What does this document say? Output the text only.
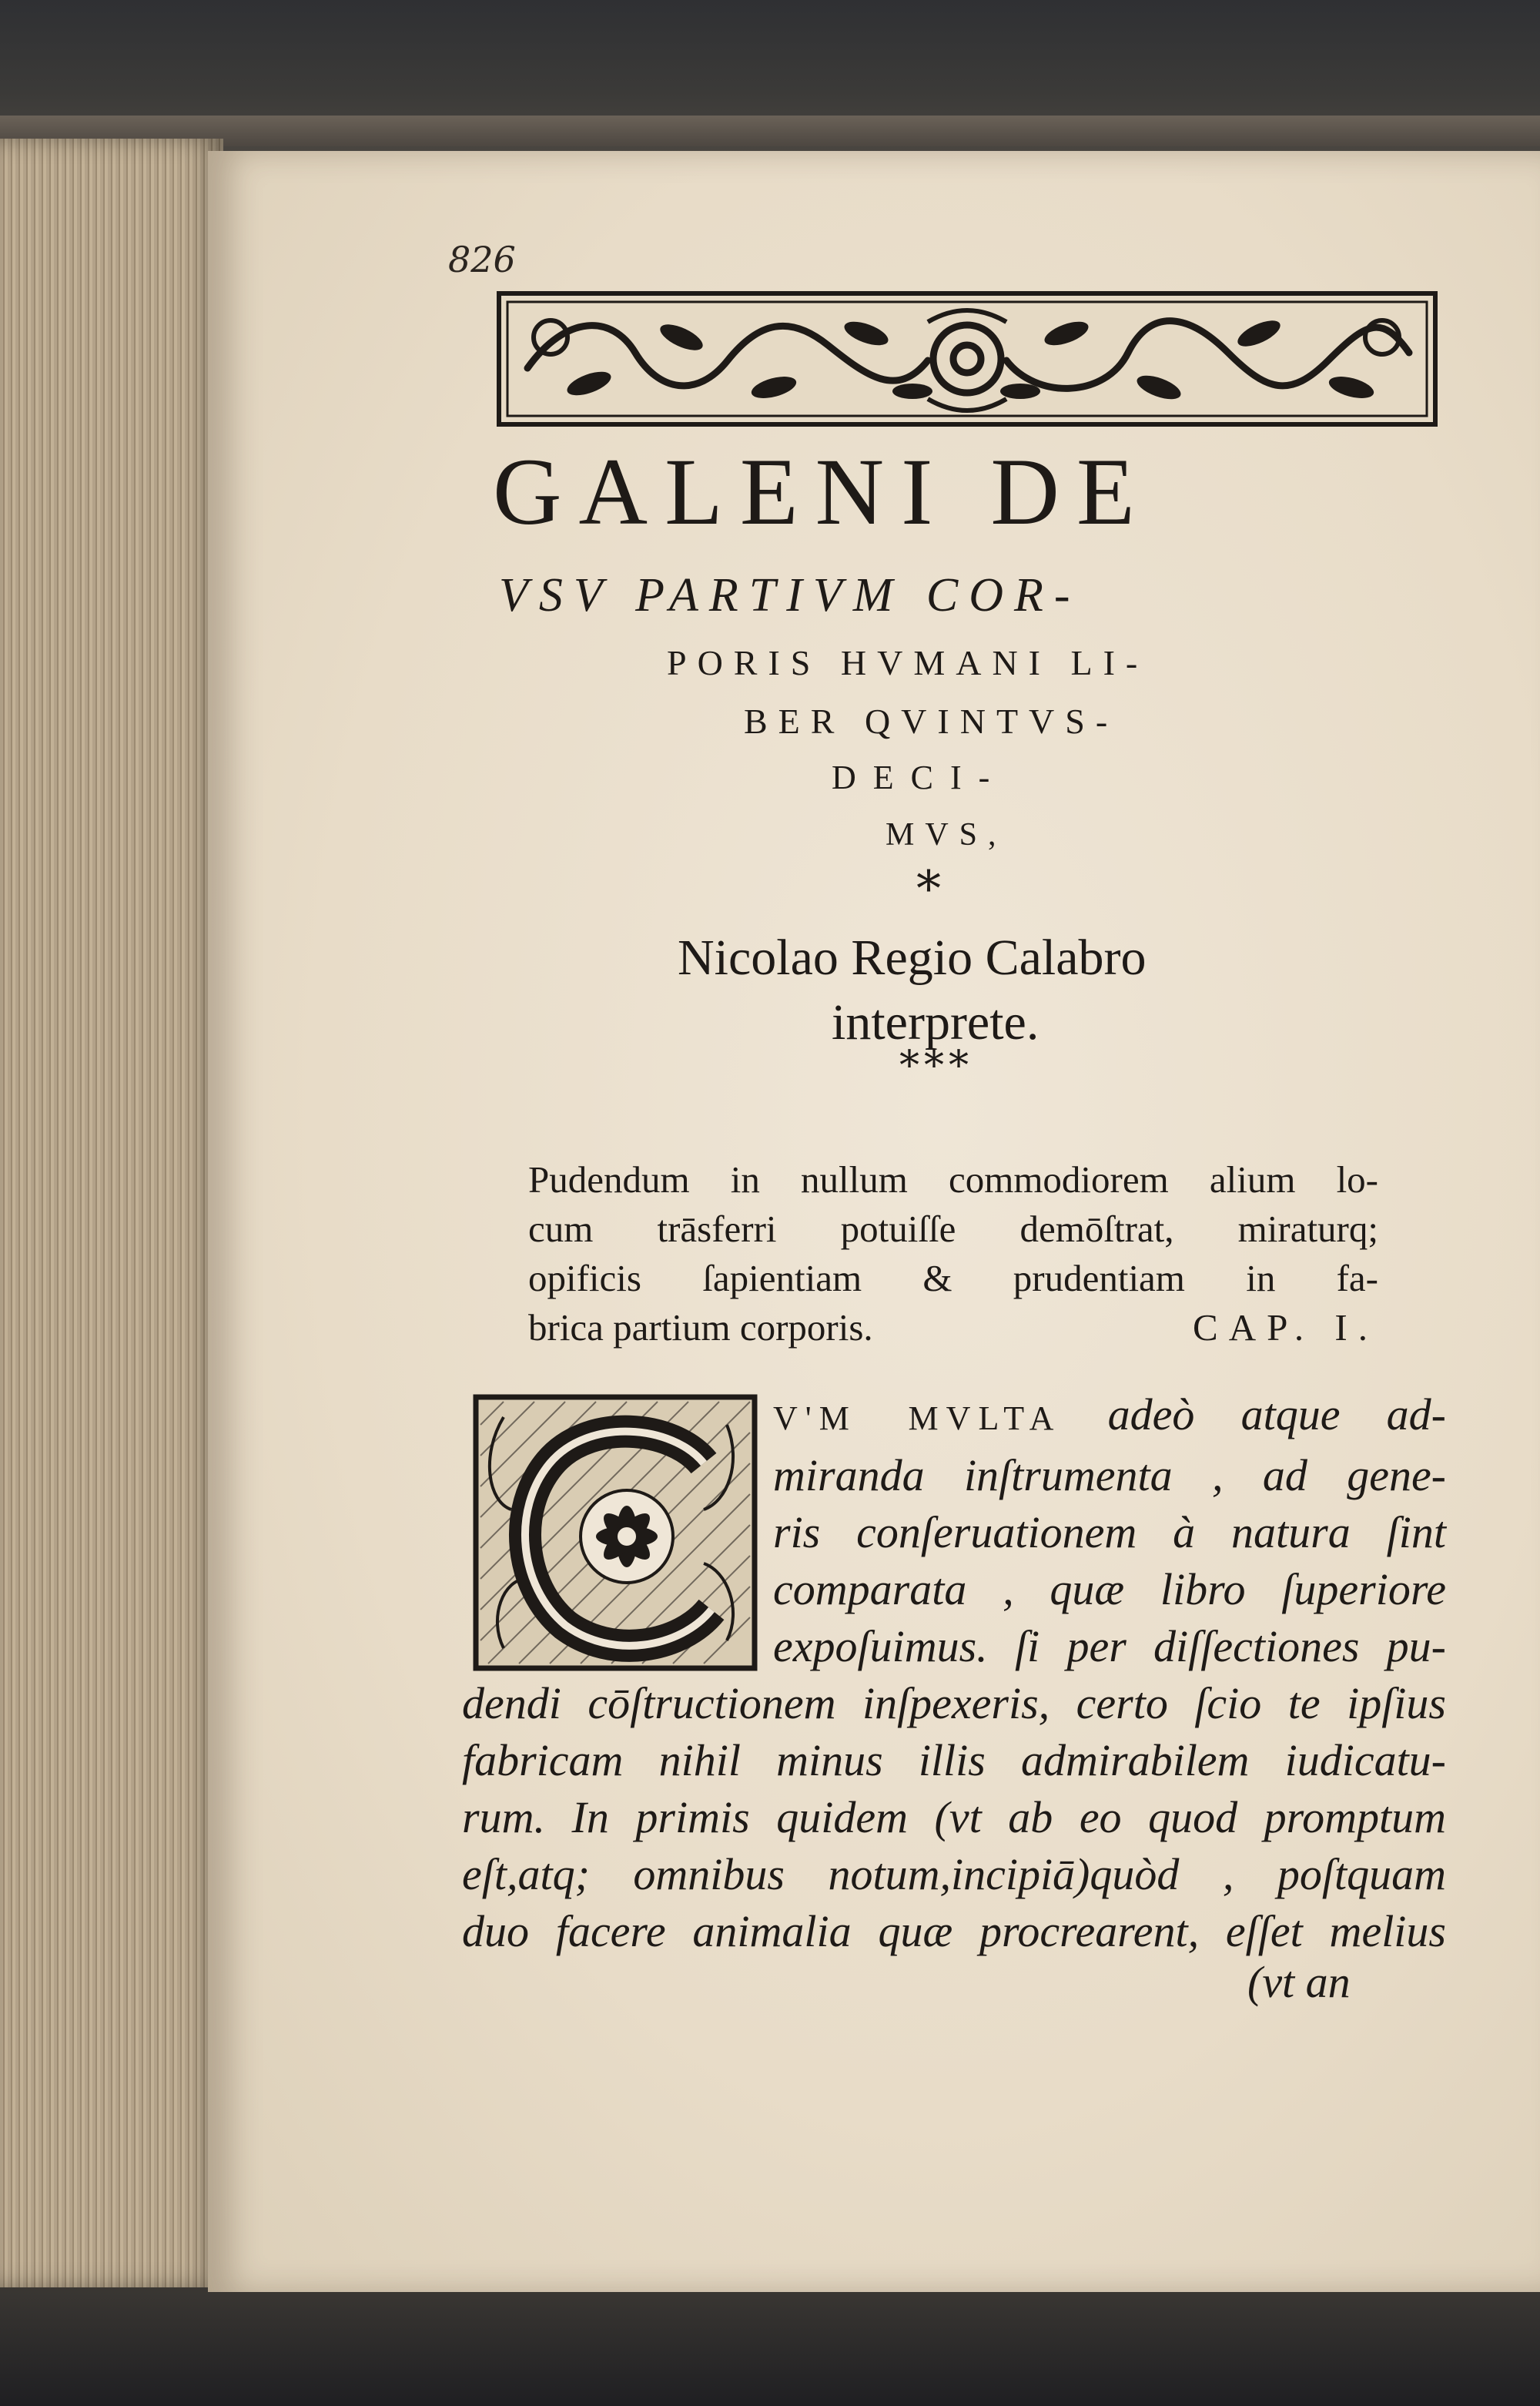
826
GALENI DE
VSV PARTIVM COR-
PORIS HVMANI LI-
BER QVINTVS-
DECI-
MVS,
*
Nicolao Regio Calabro
interprete.
***
Pudendum in nullum commodiorem alium lo-
cum trāsferri potuiſſe demōſtrat, miraturq;
opificis ſapientiam & prudentiam in fa-
brica partium corporis.	CAP. I.
V'M MVLTA adeò atque ad-
miranda inſtrumenta , ad gene-
ris conſeruationem à natura ſint
comparata , quæ libro ſuperiore
expoſuimus. ſi per diſſectiones pu-
dendi cōſtructionem inſpexeris, certo ſcio te ipſius
fabricam nihil minus illis admirabilem iudicatu-
rum. In primis quidem (vt ab eo quod promptum
eſt,atq; omnibus notum,incipiā)quòd , poſtquam
duo facere animalia quæ procrearent, eſſet melius
(vt an
